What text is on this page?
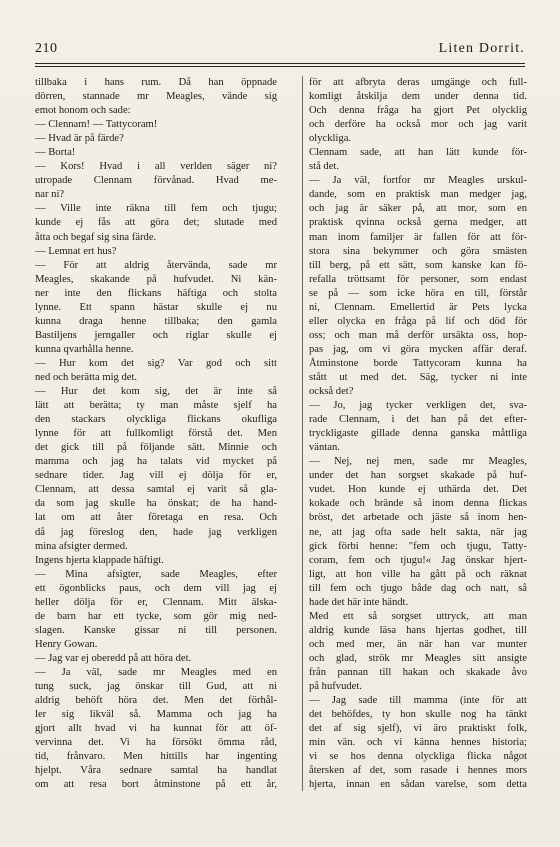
210	Liten Dorrit.
tillbaka i hans rum. Då han öppnade
dörren, stannade mr Meagles, vände sig
emot honom och sade:
— Clennam! — Tattycoram!
— Hvad är på färde?
— Borta!
— Kors! Hvad i all verlden säger ni?
utropade Clennam förvånad. Hvad me-
nar ni?
— Ville inte räkna till fem och tjugu;
kunde ej fås att göra det; slutade med
åtta och begaf sig sina färde.
— Lemnat ert hus?
— För att aldrig återvända, sade mr
Meagles, skakande på hufvudet. Ni kän-
ner inte den flickans häftiga och stolta
lynne. Ett spann hästar skulle ej nu
kunna draga henne tillbaka; den gamla
Bastiljens jerngaller och riglar skulle ej
kunna qvarhålla henne.
— Hur kom det sig? Var god och sitt
ned och berätta mig det.
— Hur det kom sig, det är inte så
lätt att berätta; ty man måste sjelf ha
den stackars olyckliga flickans okufliga
lynne för att fullkomligt förstå det. Men
det gick till på följande sätt. Minnie och
mamma och jag ha talats vid mycket på
sednare tider. Jag vill ej dölja för er,
Clennam, att dessa samtal ej varit så gla-
da som jag skulle ha önskat; de ha hand-
lat om att åter företaga en resa. Och
då jag föreslog den, hade jag verkligen
mina afsigter dermed.
Ingens hjerta klappade häftigt.
— Mina afsigter, sade Meagles, efter
ett ögonblicks paus, och dem vill jag ej
heller dölja för er, Clennam. Mitt älska-
de barn har ett tycke, som gör mig ned-
slagen. Kanske gissar ni till personen.
Henry Gowan.
— Jag var ej oberedd på att höra det.
— Ja väl, sade mr Meagles med en
tung suck, jag önskar till Gud, att ni
aldrig behöft höra det. Men det förhål-
ler sig likväl så. Mamma och jag ha
gjort allt hvad vi ha kunnat för att öf-
vervinna det. Vi ha försökt ömma råd,
tid, frånvaro. Men hittills har ingenting
hjelpt. Våra sednare samtal ha handlat
om att resa bort åtminstone på ett år,
för att afbryta deras umgänge och full-
komligt åtskilja dem under denna tid.
Och denna fråga ha gjort Pet olycklig
och derföre ha också mor och jag varit
olyckliga.
Clennam sade, att han lätt kunde för-
stå det.
— Ja väl, fortfor mr Meagles urskul-
dande, som en praktisk man medger jag,
och jag är säker på, att mor, som en
praktisk qvinna också gerna medger, att
man inom familjer är fallen för att för-
stora sina bekymmer och göra smästen
till berg, på ett sätt, som kanske kan fö-
refalla tröttsamt för personer, som endast
se på — som icke höra en till, förstår
ni, Clennam. Emellertid är Pets lycka
eller olycka en fråga på lif och död för
oss; och man må derför ursäkta oss, hop-
pas jag, om vi göra mycken affär deraf.
Åtminstone borde Tattycoram kunna ha
stått ut med det. Säg, tycker ni inte
också det?
— Jo, jag tycker verkligen det, sva-
rade Clennam, i det han på det efter-
tryckligaste gillade denna ganska måttliga
väntan.
— Nej, nej men, sade mr Meagles,
under det han sorgset skakade på huf-
vudet. Hon kunde ej uthärda det. Det
kokade och brände så inom denna flickas
bröst, det arbetade och jäste så inom hen-
ne, att jag ofta sade helt sakta, när jag
gick förbi henne: "fem och tjugu, Tatty-
coram, fem och tjugu!« Jag önskar hjert-
ligt, att hon ville ha gått på och räknat
till fem och tjugo både dag och natt, så
hade det här inte händt.
Med ett så sorgset uttryck, att man
aldrig kunde läsa hans hjertas godhet, till
och med mer, än när han var munter
och glad, strök mr Meagles sitt ansigte
från pannan till hakan och skakade åvo
på hufvudet.
— Jag sade till mamma (inte för att
det behöfdes, ty hon skulle nog ha tänkt
det af sig sjelf), vi äro praktiskt folk,
min vän. och vi känna hennes historia;
vi se hos denna olyckliga flicka något
återsken af det, som rasade i hennes mors
hjerta, innan en sådan varelse, som detta
